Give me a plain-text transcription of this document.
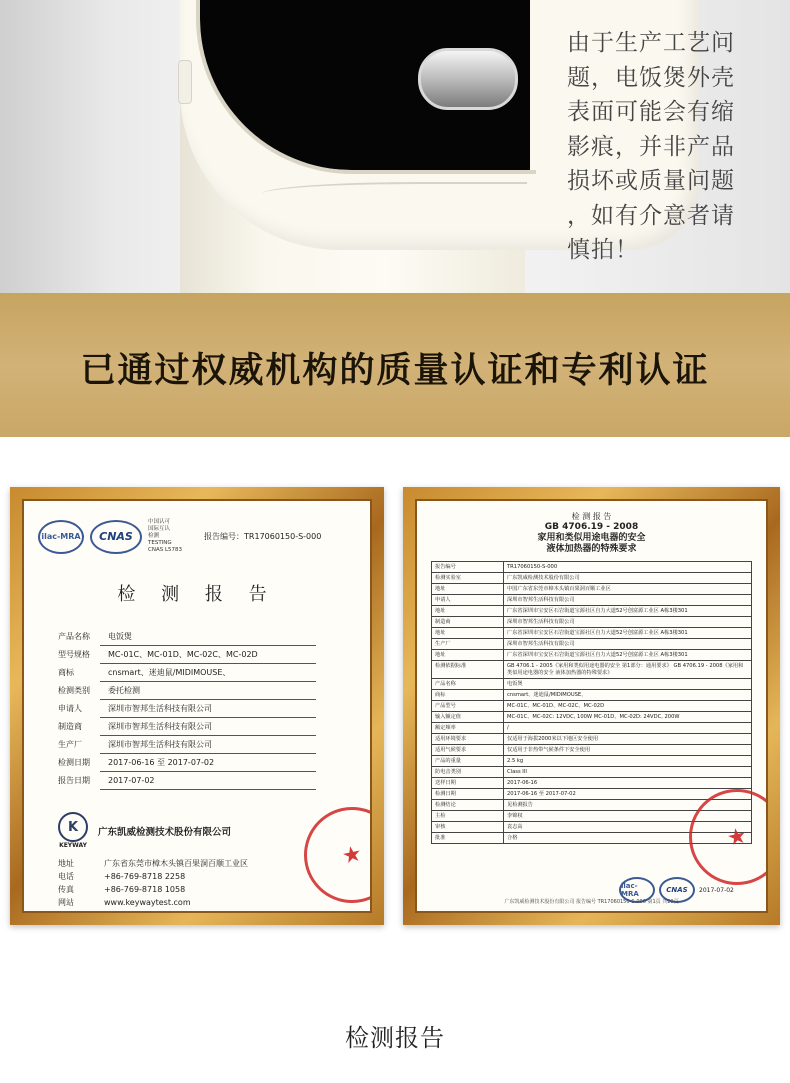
由于生产工艺问
题，电饭煲外壳
表面可能会有缩
影痕，并非产品
损坏或质量问题
，如有介意者请
慎拍！
已通过权威机构的质量认证和专利认证
ilac-MRA	CNAS
中国认可
国际互认
检测
TESTING
CNAS L5783
报告编号：TR17060150-S-000
检 测 报 告
产品名称	电饭煲
型号规格	MC-01C、MC-01D、MC-02C、MC-02D
商标	cnsmart、迷迪鼠/MIDIMOUSE、
检测类别	委托检测
申请人	深圳市智邦生活科技有限公司
制造商	深圳市智邦生活科技有限公司
生产厂	深圳市智邦生活科技有限公司
检测日期	2017-06-16 至 2017-07-02
报告日期	2017-07-02
K
KEYWAY
广东凯威检测技术股份有限公司
地址	广东省东莞市樟木头镇百果洞百顺工业区
电话	+86-769-8718 2258
传真	+86-769-8718 1058
网站	www.keywaytest.com
★
检 测 报 告
GB 4706.19 - 2008
家用和类似用途电器的安全
液体加热器的特殊要求
报告编号	TR17060150-S-000
检测实验室	广东凯威检测技术股份有限公司
地址	中国广东省东莞市樟木头镇百果洞百顺工业区
申请人	深圳市智邦生活科技有限公司
地址	广东省深圳市宝安区石岩街道宝源社区自力大道52号创富源工业区 A栋3楼301
制造商	深圳市智邦生活科技有限公司
地址	广东省深圳市宝安区石岩街道宝源社区自力大道52号创富源工业区 A栋3楼301
生产厂	深圳市智邦生活科技有限公司
地址	广东省深圳市宝安区石岩街道宝源社区自力大道52号创富源工业区 A栋3楼301
检测依据标准	GB 4706.1 - 2005《家用和类似用途电器的安全 第1部分：通用要求》 GB 4706.19 - 2008《家用和类似用途电器的安全 液体加热器的特殊要求》
产品名称	电饭煲
商标	cnsmart、迷迪鼠/MIDIMOUSE、
产品型号	MC-01C、MC-01D、MC-02C、MC-02D
输入额定值	MC-01C、MC-02C: 12VDC, 100W MC-01D、MC-02D: 24VDC, 200W
额定频率	/
适用环境要求	仅适用于海拔2000米以下地区安全使用
适用气候要求	仅适用于非热带气候条件下安全使用
产品的重量	2.5 kg
防电击类别	Class III
送样日期	2017-06-16
检测日期	2017-06-16 至 2017-07-02
检测结论	见检测报告
主检	李锦权
审核	袁志高
批准	合格
ilac-MRA	CNAS	2017-07-02
★
广东凯威检测技术股份有限公司 报告编号 TR17060150-S-000 第1页 共29页
检测报告
